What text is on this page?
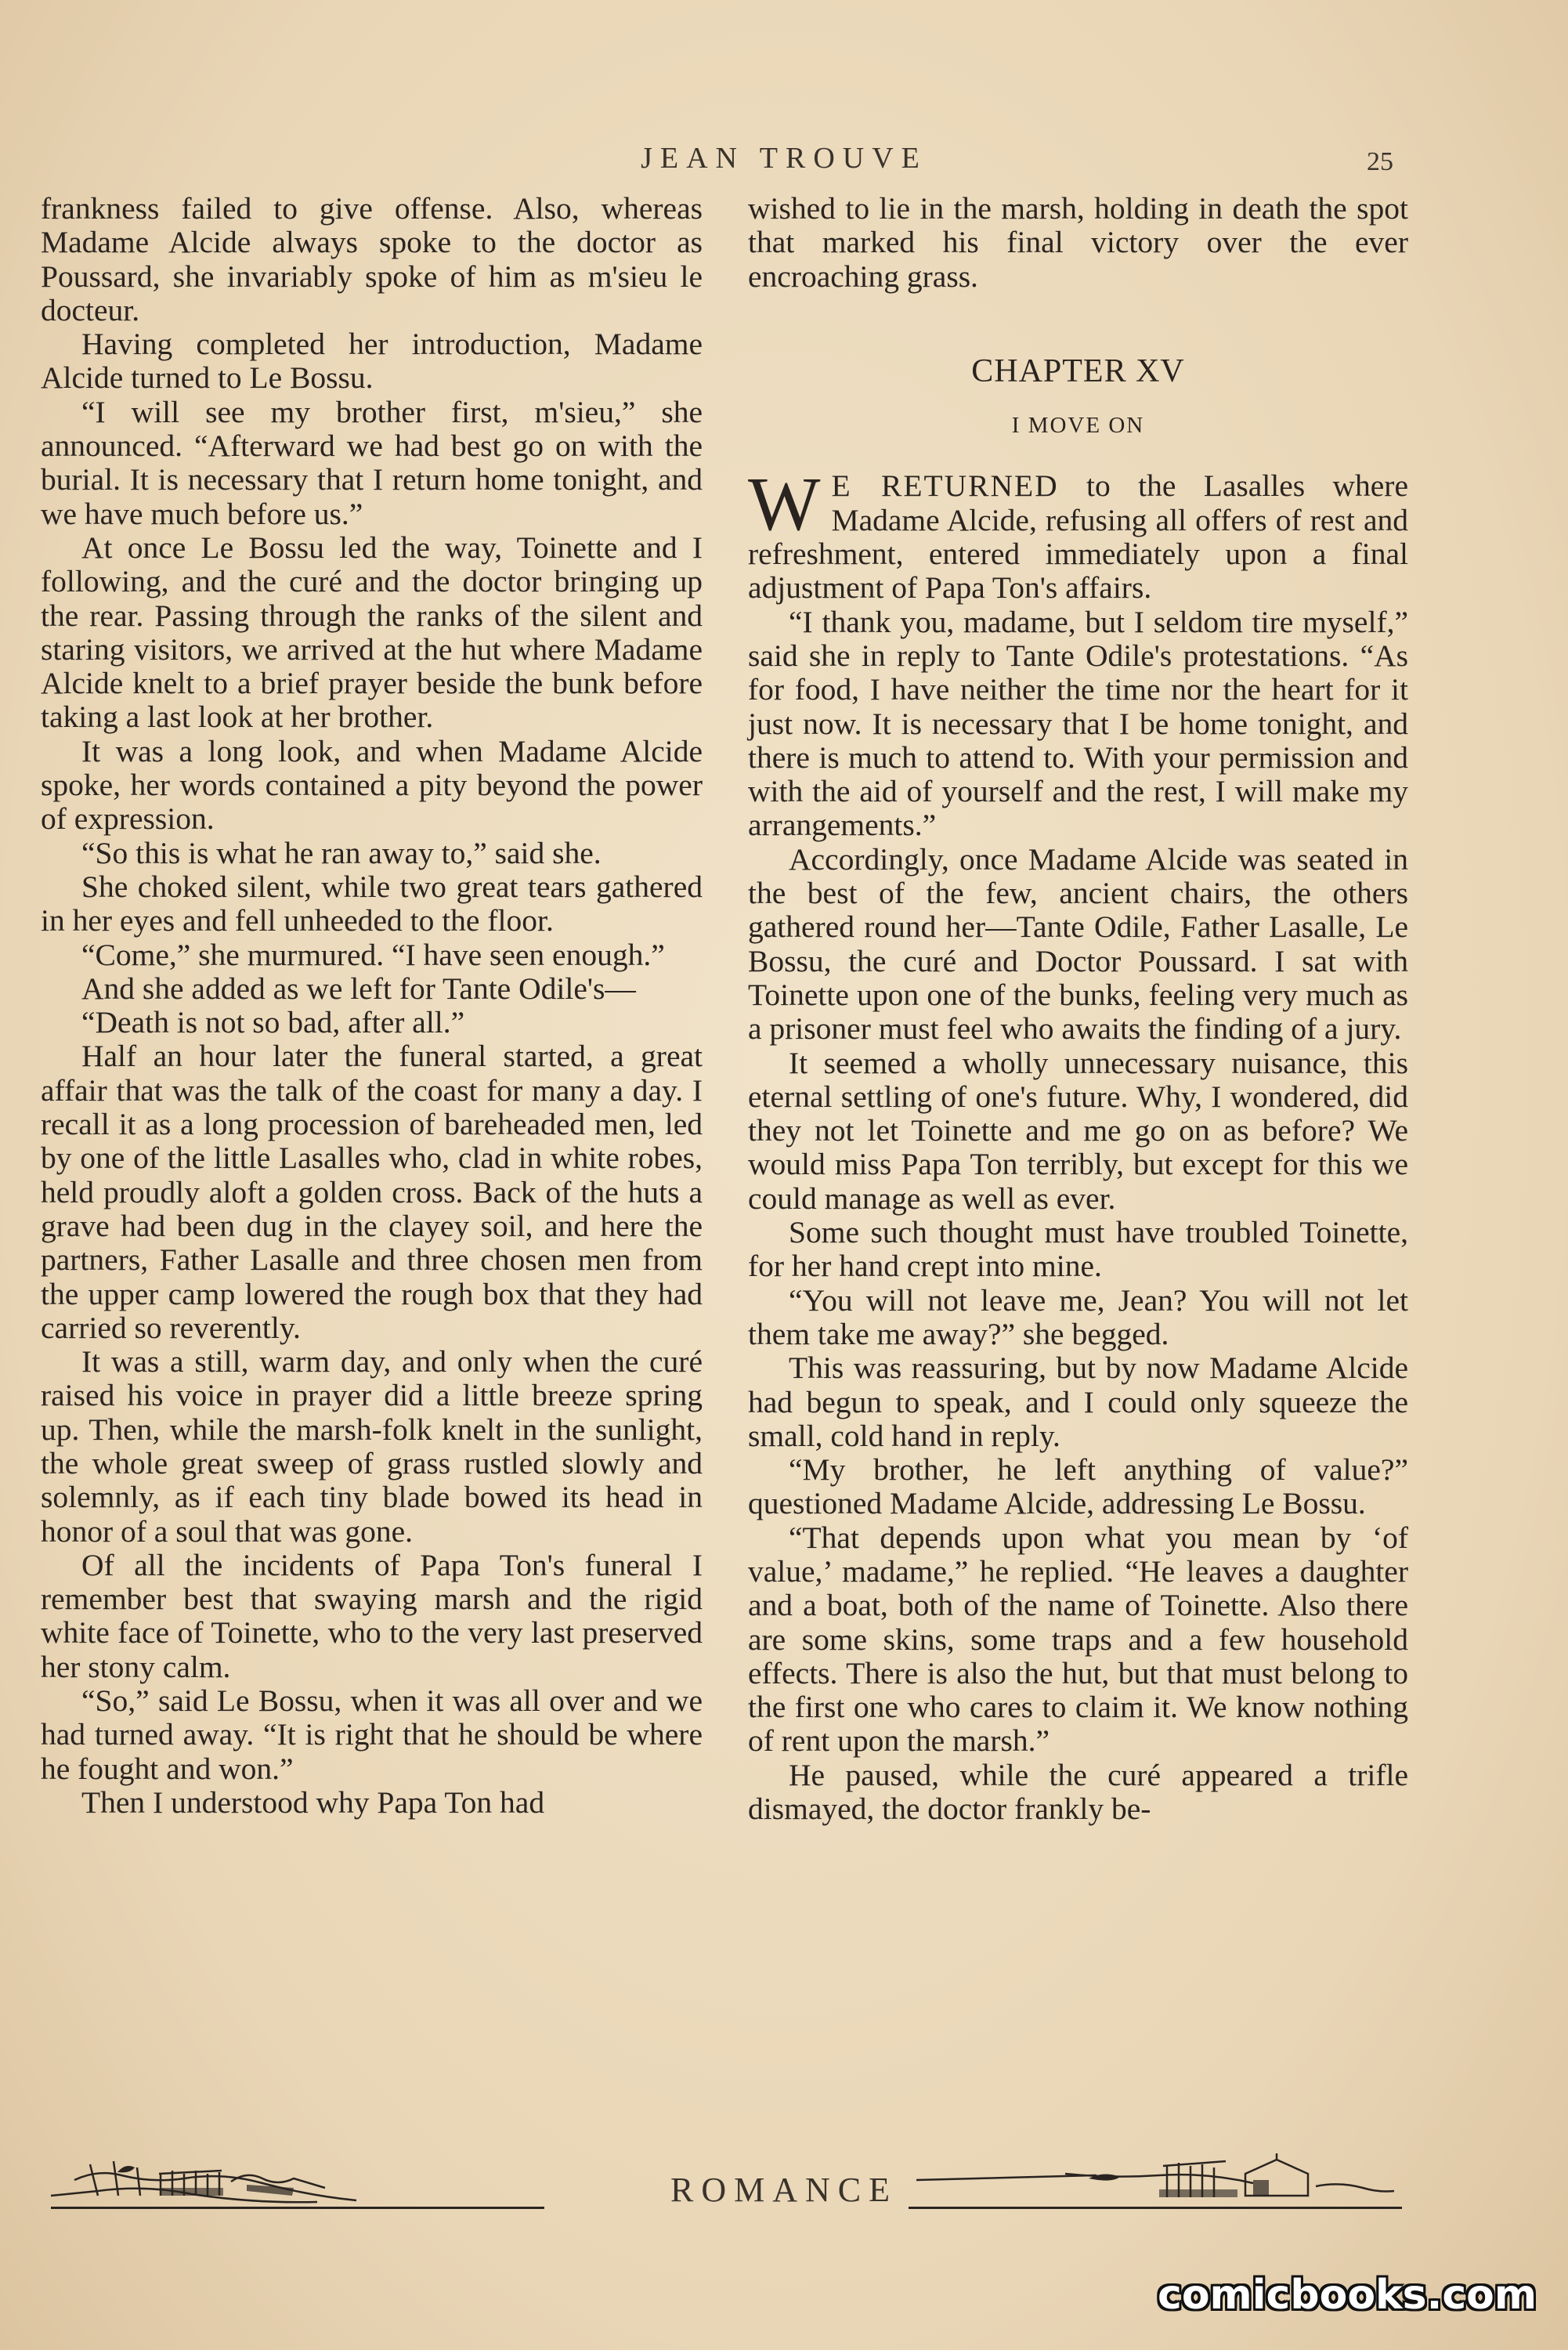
JEAN TROUVE	25

frankness failed to give offense. Also, whereas Madame Alcide always spoke to the doctor as Poussard, she invariably spoke of him as m'sieu le docteur.

Having completed her introduction, Madame Alcide turned to Le Bossu.

“I will see my brother first, m'sieu,” she announced. “Afterward we had best go on with the burial. It is necessary that I return home tonight, and we have much before us.”

At once Le Bossu led the way, Toinette and I following, and the curé and the doctor bringing up the rear. Passing through the ranks of the silent and staring visitors, we arrived at the hut where Madame Alcide knelt to a brief prayer beside the bunk before taking a last look at her brother.

It was a long look, and when Madame Alcide spoke, her words contained a pity beyond the power of expression.

“So this is what he ran away to,” said she.

She choked silent, while two great tears gathered in her eyes and fell unheeded to the floor.

“Come,” she murmured. “I have seen enough.”

And she added as we left for Tante Odile's—

“Death is not so bad, after all.”

Half an hour later the funeral started, a great affair that was the talk of the coast for many a day. I recall it as a long procession of bareheaded men, led by one of the little Lasalles who, clad in white robes, held proudly aloft a golden cross. Back of the huts a grave had been dug in the clayey soil, and here the partners, Father Lasalle and three chosen men from the upper camp lowered the rough box that they had carried so reverently.

It was a still, warm day, and only when the curé raised his voice in prayer did a little breeze spring up. Then, while the marsh-folk knelt in the sunlight, the whole great sweep of grass rustled slowly and solemnly, as if each tiny blade bowed its head in honor of a soul that was gone.

Of all the incidents of Papa Ton's funeral I remember best that swaying marsh and the rigid white face of Toinette, who to the very last preserved her stony calm.

“So,” said Le Bossu, when it was all over and we had turned away. “It is right that he should be where he fought and won.”

Then I understood why Papa Ton had

wished to lie in the marsh, holding in death the spot that marked his final victory over the ever encroaching grass.

CHAPTER XV
I MOVE ON

W E RETURNED to the Lasalles where Madame Alcide, refusing all offers of rest and refreshment, entered immediately upon a final adjustment of Papa Ton's affairs.

“I thank you, madame, but I seldom tire myself,” said she in reply to Tante Odile's protestations. “As for food, I have neither the time nor the heart for it just now. It is necessary that I be home tonight, and there is much to attend to. With your permission and with the aid of yourself and the rest, I will make my arrangements.”

Accordingly, once Madame Alcide was seated in the best of the few, ancient chairs, the others gathered round her—Tante Odile, Father Lasalle, Le Bossu, the curé and Doctor Poussard. I sat with Toinette upon one of the bunks, feeling very much as a prisoner must feel who awaits the finding of a jury.

It seemed a wholly unnecessary nuisance, this eternal settling of one's future. Why, I wondered, did they not let Toinette and me go on as before? We would miss Papa Ton terribly, but except for this we could manage as well as ever.

Some such thought must have troubled Toinette, for her hand crept into mine.

“You will not leave me, Jean? You will not let them take me away?” she begged.

This was reassuring, but by now Madame Alcide had begun to speak, and I could only squeeze the small, cold hand in reply.

“My brother, he left anything of value?” questioned Madame Alcide, addressing Le Bossu.

“That depends upon what you mean by ‘of value,’ madame,” he replied. “He leaves a daughter and a boat, both of the name of Toinette. Also there are some skins, some traps and a few household effects. There is also the hut, but that must belong to the first one who cares to claim it. We know nothing of rent upon the marsh.”

He paused, while the curé appeared a trifle dismayed, the doctor frankly be-

ROMANCE
comicbooks.com
